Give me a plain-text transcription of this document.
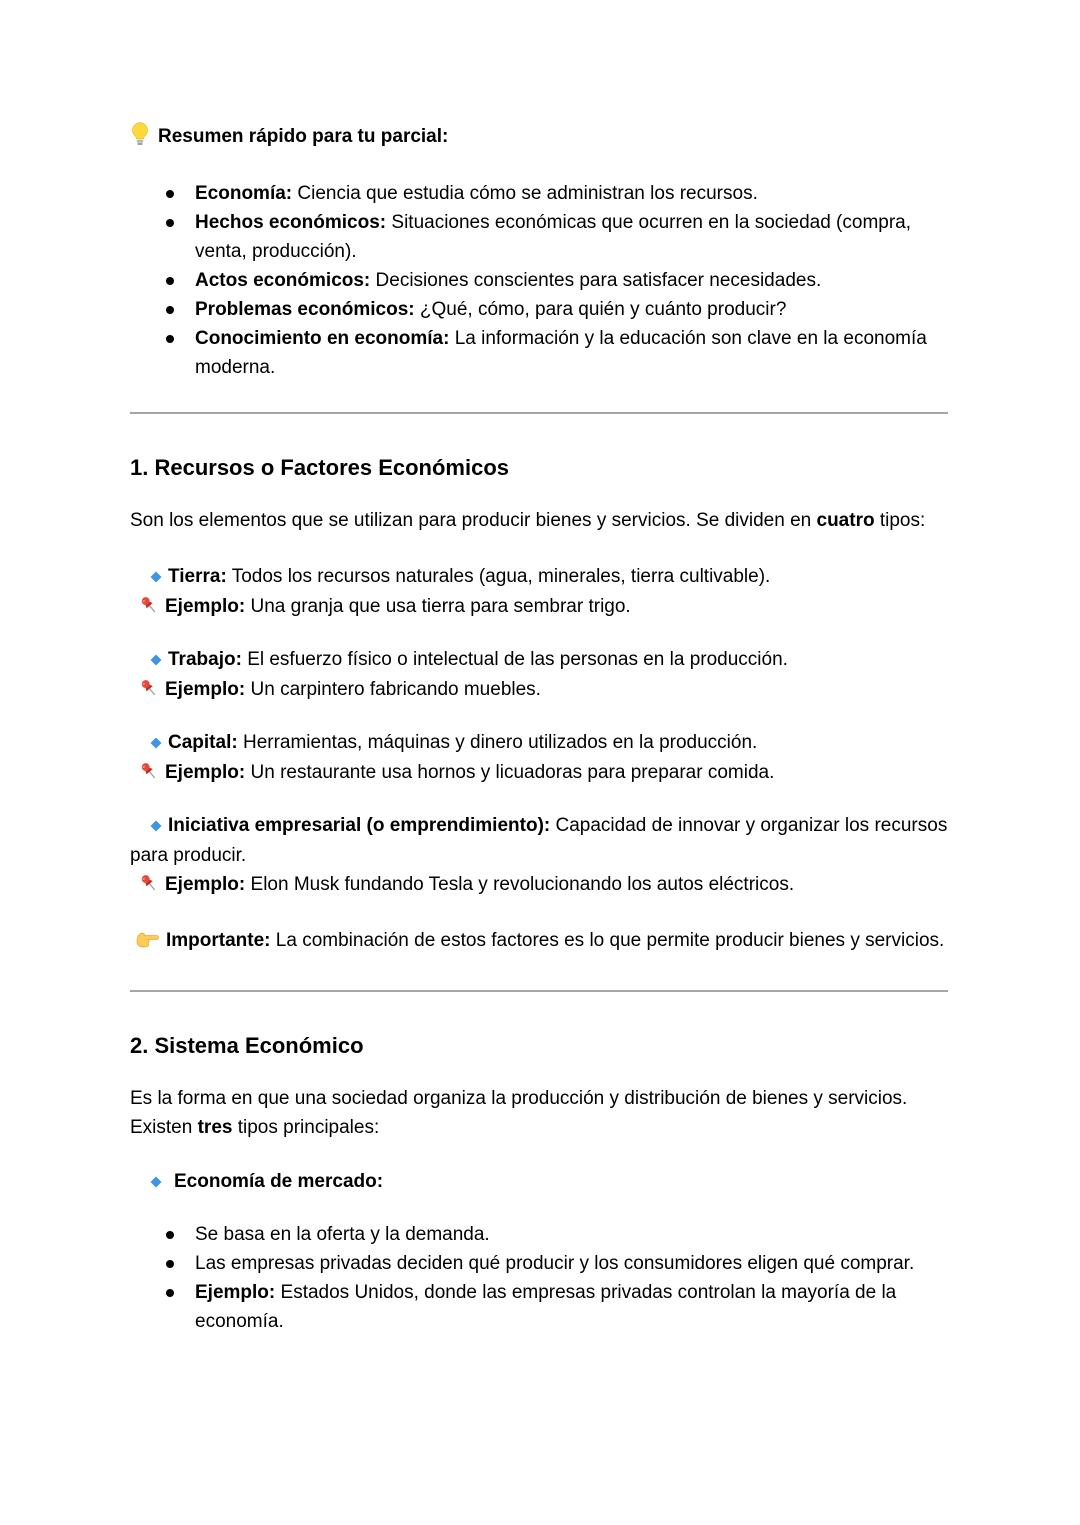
Resumen rápido para tu parcial:

Economía: Ciencia que estudia cómo se administran los recursos.
Hechos económicos: Situaciones económicas que ocurren en la sociedad (compra, venta, producción).
Actos económicos: Decisiones conscientes para satisfacer necesidades.
Problemas económicos: ¿Qué, cómo, para quién y cuánto producir?
Conocimiento en economía: La información y la educación son clave en la economía moderna.
1. Recursos o Factores Económicos

Son los elementos que se utilizan para producir bienes y servicios. Se dividen en cuatro tipos:

Tierra: Todos los recursos naturales (agua, minerales, tierra cultivable).

Ejemplo: Una granja que usa tierra para sembrar trigo.

Trabajo: El esfuerzo físico o intelectual de las personas en la producción.

Ejemplo: Un carpintero fabricando muebles.

Capital: Herramientas, máquinas y dinero utilizados en la producción.

Ejemplo: Un restaurante usa hornos y licuadoras para preparar comida.

Iniciativa empresarial (o emprendimiento): Capacidad de innovar y organizar los recursos para producir.

Ejemplo: Elon Musk fundando Tesla y revolucionando los autos eléctricos.

Importante: La combinación de estos factores es lo que permite producir bienes y servicios.

2. Sistema Económico

Es la forma en que una sociedad organiza la producción y distribución de bienes y servicios. Existen tres tipos principales:

Economía de mercado:

Se basa en la oferta y la demanda.
Las empresas privadas deciden qué producir y los consumidores eligen qué comprar.
Ejemplo: Estados Unidos, donde las empresas privadas controlan la mayoría de la economía.
